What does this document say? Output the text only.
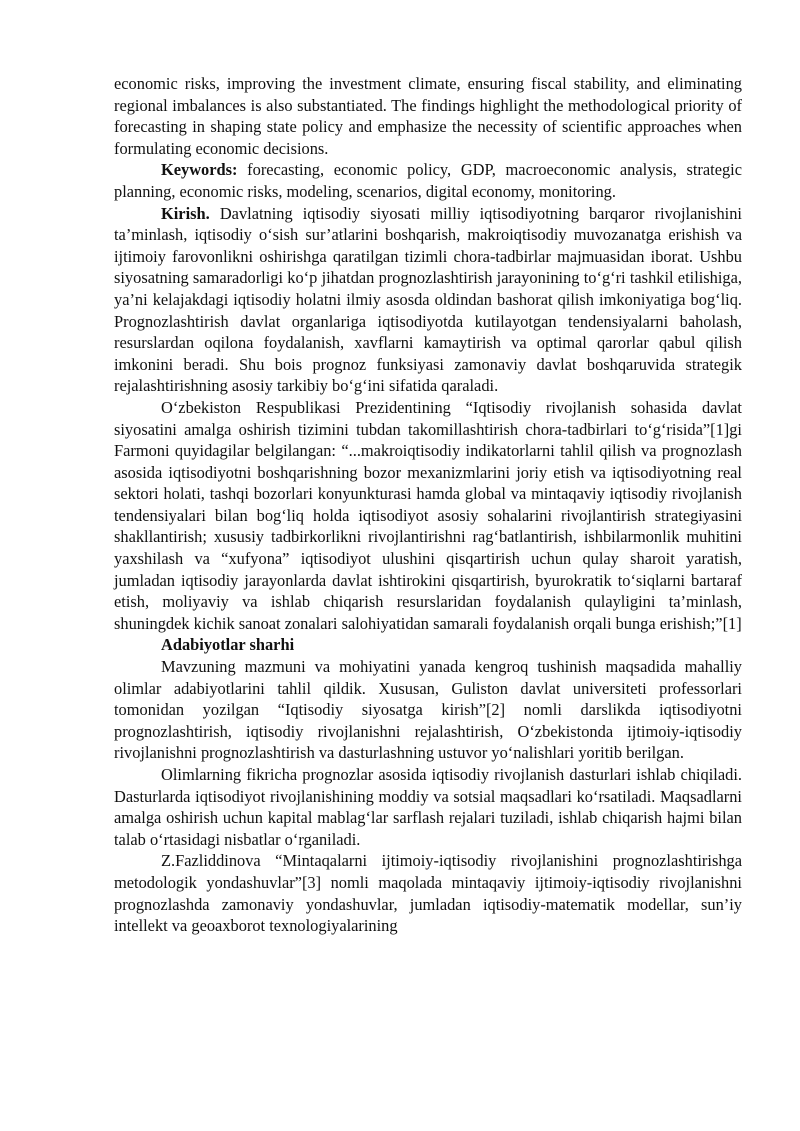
economic risks, improving the investment climate, ensuring fiscal stability, and eliminating regional imbalances is also substantiated. The findings highlight the methodological priority of forecasting in shaping state policy and emphasize the necessity of scientific approaches when formulating economic decisions.

Keywords: forecasting, economic policy, GDP, macroeconomic analysis, strategic planning, economic risks, modeling, scenarios, digital economy, monitoring.

Kirish. Davlatning iqtisodiy siyosati milliy iqtisodiyotning barqaror rivojlanishini ta’minlash, iqtisodiy o‘sish sur’atlarini boshqarish, makroiqtisodiy muvozanatga erishish va ijtimoiy farovonlikni oshirishga qaratilgan tizimli chora-tadbirlar majmuasidan iborat. Ushbu siyosatning samaradorligi ko‘p jihatdan prognozlashtirish jarayonining to‘g‘ri tashkil etilishiga, ya’ni kelajakdagi iqtisodiy holatni ilmiy asosda oldindan bashorat qilish imkoniyatiga bog‘liq. Prognozlashtirish davlat organlariga iqtisodiyotda kutilayotgan tendensiyalarni baholash, resurslardan oqilona foydalanish, xavflarni kamaytirish va optimal qarorlar qabul qilish imkonini beradi. Shu bois prognoz funksiyasi zamonaviy davlat boshqaruvida strategik rejalashtirishning asosiy tarkibiy bo‘g‘ini sifatida qaraladi.

O‘zbekiston Respublikasi Prezidentining “Iqtisodiy rivojlanish sohasida davlat siyosatini amalga oshirish tizimini tubdan takomillashtirish chora-tadbirlari to‘g‘risida”[1]gi Farmoni quyidagilar belgilangan: “...makroiqtisodiy indikatorlarni tahlil qilish va prognozlash asosida iqtisodiyotni boshqarishning bozor mexanizmlarini joriy etish va iqtisodiyotning real sektori holati, tashqi bozorlari konyunkturasi hamda global va mintaqaviy iqtisodiy rivojlanish tendensiyalari bilan bog‘liq holda iqtisodiyot asosiy sohalarini rivojlantirish strategiyasini shakllantirish; xususiy tadbirkorlikni rivojlantirishni rag‘batlantirish, ishbilarmonlik muhitini yaxshilash va “xufyona” iqtisodiyot ulushini qisqartirish uchun qulay sharoit yaratish, jumladan iqtisodiy jarayonlarda davlat ishtirokini qisqartirish, byurokratik to‘siqlarni bartaraf etish, moliyaviy va ishlab chiqarish resurslaridan foydalanish qulayligini ta’minlash, shuningdek kichik sanoat zonalari salohiyatidan samarali foydalanish orqali bunga erishish;”[1]

Adabiyotlar sharhi

Mavzuning mazmuni va mohiyatini yanada kengroq tushinish maqsadida mahalliy olimlar adabiyotlarini tahlil qildik. Xususan, Guliston davlat universiteti professorlari tomonidan yozilgan “Iqtisodiy siyosatga kirish”[2] nomli darslikda iqtisodiyotni prognozlashtirish, iqtisodiy rivojlanishni rejalashtirish, O‘zbekistonda ijtimoiy-iqtisodiy rivojlanishni prognozlashtirish va dasturlashning ustuvor yo‘nalishlari yoritib berilgan.

Olimlarning fikricha prognozlar asosida iqtisodiy rivojlanish dasturlari ishlab chiqiladi. Dasturlarda iqtisodiyot rivojlanishining moddiy va sotsial maqsadlari ko‘rsatiladi. Maqsadlarni amalga oshirish uchun kapital mablag‘lar sarflash rejalari tuziladi, ishlab chiqarish hajmi bilan talab o‘rtasidagi nisbatlar o‘rganiladi.

Z.Fazliddinova “Mintaqalarni ijtimoiy-iqtisodiy rivojlanishini prognozlashtirishga metodologik yondashuvlar”[3] nomli maqolada mintaqaviy ijtimoiy-iqtisodiy rivojlanishni prognozlashda zamonaviy yondashuvlar, jumladan iqtisodiy-matematik modellar, sun’iy intellekt va geoaxborot texnologiyalarining
